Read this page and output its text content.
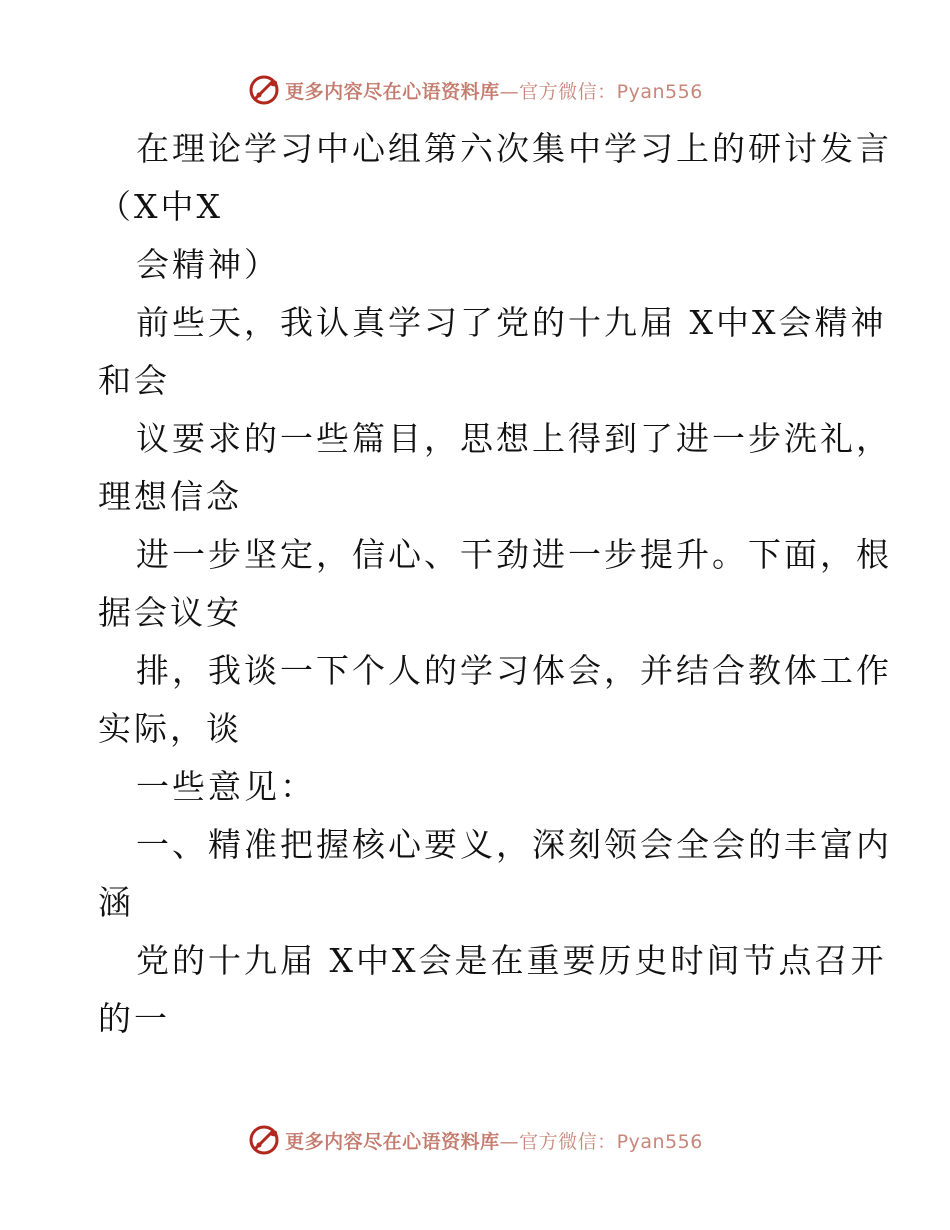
更多内容尽在心语资料库—官方微信：Pyan556
在理论学习中心组第六次集中学习上的研讨发言
（X中X
会精神）
前些天，我认真学习了党的十九届 X中X会精神
和会
议要求的一些篇目，思想上得到了进一步洗礼，
理想信念
进一步坚定，信心、干劲进一步提升。下面，根
据会议安
排，我谈一下个人的学习体会，并结合教体工作
实际，谈
一些意见：
一、精准把握核心要义，深刻领会全会的丰富内
涵
党的十九届 X中X会是在重要历史时间节点召开
的一
更多内容尽在心语资料库—官方微信：Pyan556
